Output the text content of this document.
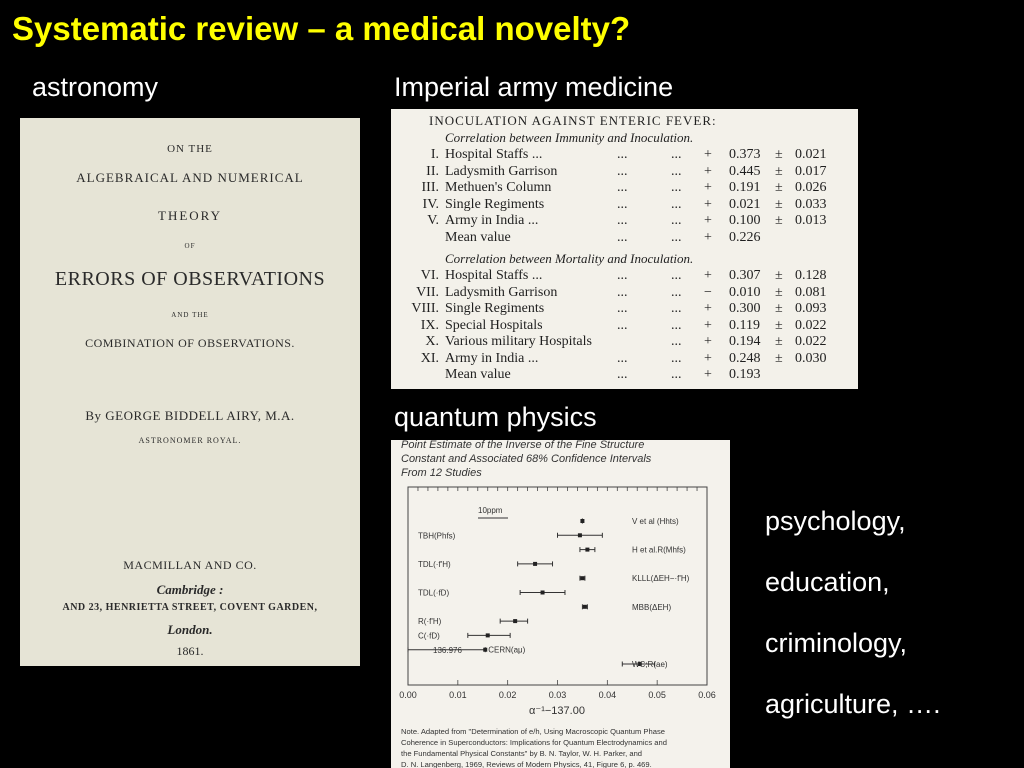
Systematic review – a medical novelty?
astronomy	Imperial army medicine
quantum physics
ON THE
ALGEBRAICAL AND NUMERICAL
THEORY
OF
ERRORS OF OBSERVATIONS
AND THE
COMBINATION OF OBSERVATIONS.
By GEORGE BIDDELL AIRY, M.A.
ASTRONOMER ROYAL.
MACMILLAN AND CO.
Cambridge :
AND 23, HENRIETTA STREET, COVENT GARDEN,
London.
1861.
INOCULATION AGAINST ENTERIC FEVER:
Correlation between Immunity and Inoculation.
Correlation between Mortality and Inoculation.
I. Hospital Staffs ...	...	... + 0.373 ± 0.021
II. Ladysmith Garrison	...	... + 0.445 ± 0.017
III. Methuen's Column	...	... + 0.191 ± 0.026
IV. Single Regiments	...	... + 0.021 ± 0.033
V. Army in India ...	...	... + 0.100 ± 0.013
Mean value	...	... + 0.226
VI. Hospital Staffs ...	...	... + 0.307 ± 0.128
VII. Ladysmith Garrison	...	... − 0.010 ± 0.081
VIII. Single Regiments	...	... + 0.300 ± 0.093
IX. Special Hospitals	...	... + 0.119 ± 0.022
X. Various military Hospitals	... + 0.194 ± 0.022
XI. Army in India ...	...	... + 0.248 ± 0.030
Mean value	...	... + 0.193
Point Estimate of the Inverse of the Fine Structure
Constant and Associated 68% Confidence Intervals
From 12 Studies
10ppm
V et al (Hhts)
TBH(Phfs)
H et al.R(Mhfs)
TDL(·f'H)
KLLL(ΔEH−·f'H)
TDL(·fD)
MBB(ΔEH)
R(·f'H)
C(·fD)
CERN(aμ)
WC;R(ae)
136.976
0.00	0.01	0.02	0.03	0.04	0.05	0.06
α⁻¹−137.00
Note. Adapted from "Determination of e/h, Using Macroscopic Quantum Phase
Coherence in Superconductors: Implications for Quantum Electrodynamics and
the Fundamental Physical Constants" by B. N. Taylor, W. H. Parker, and
D. N. Langenberg, 1969, Reviews of Modern Physics, 41, Figure 6, p. 469.
psychology,
education,
criminology,
agriculture, ….
